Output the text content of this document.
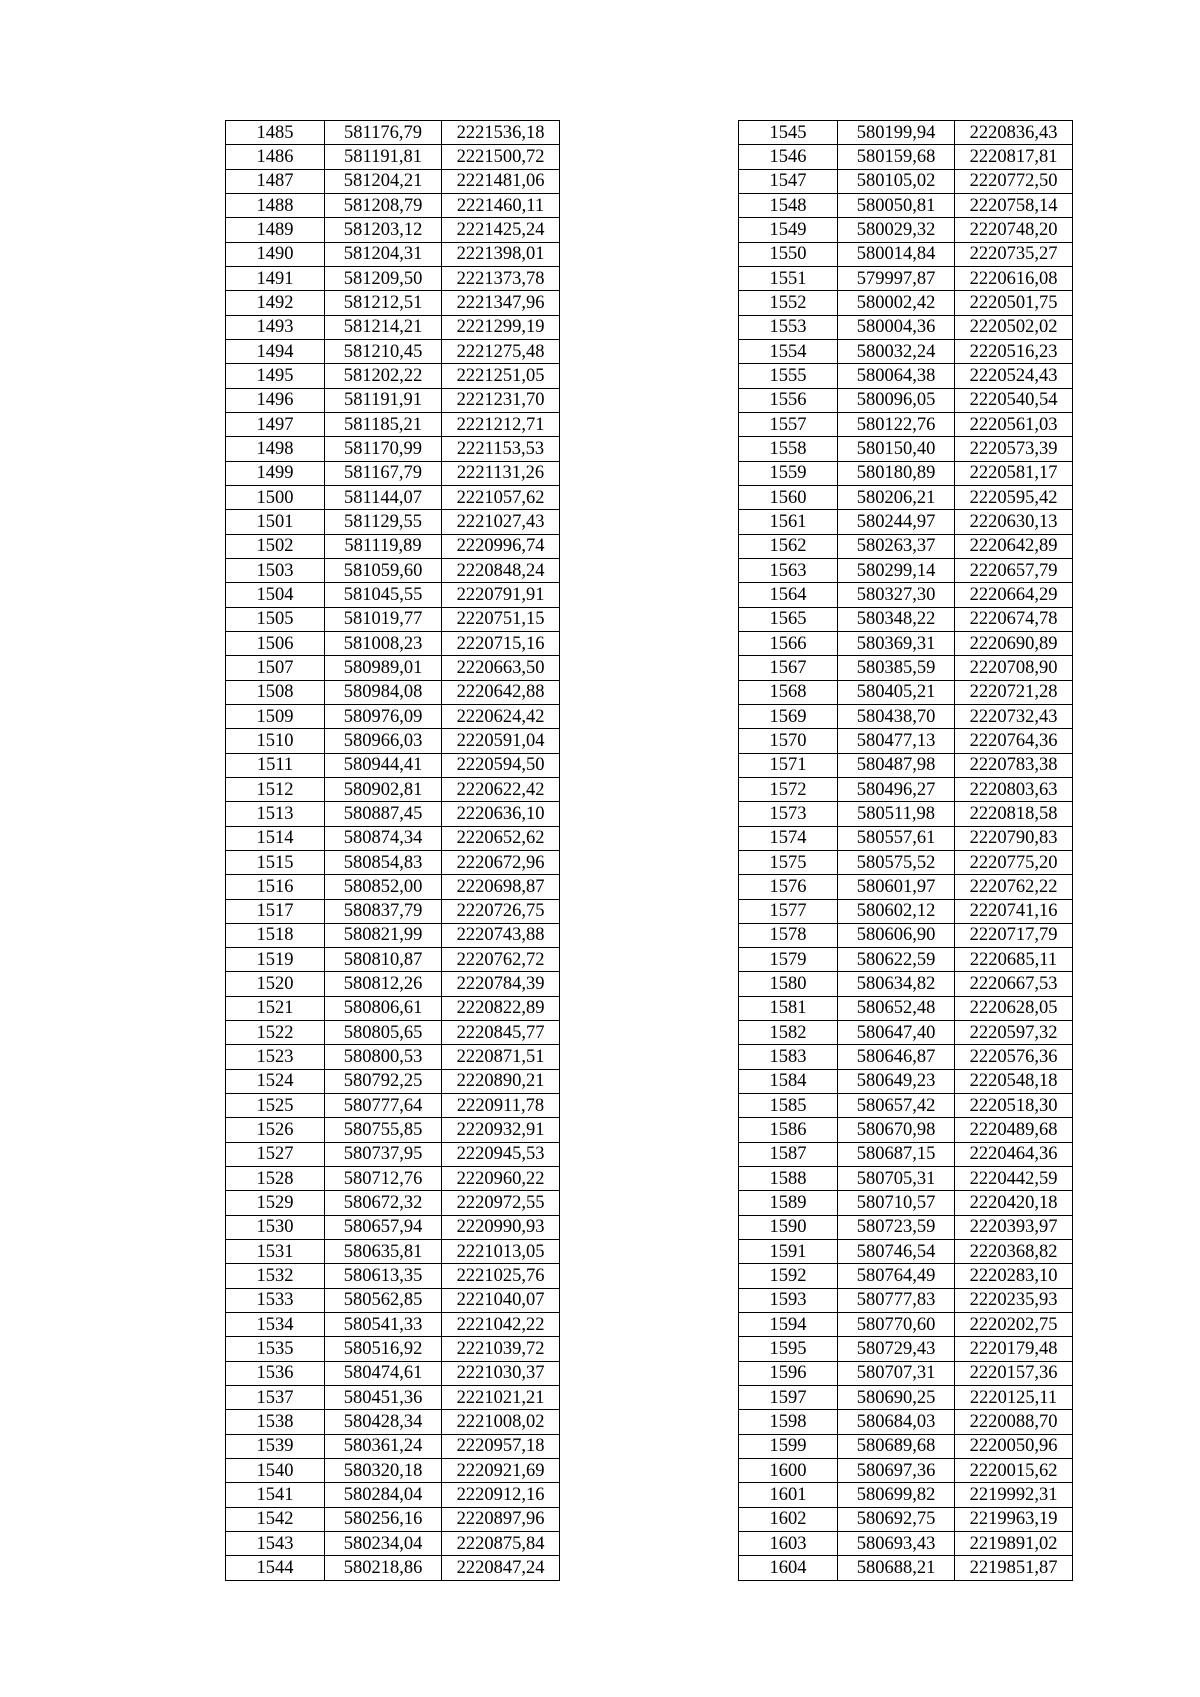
1485	581176,79	2221536,18
1486	581191,81	2221500,72
1487	581204,21	2221481,06
1488	581208,79	2221460,11
1489	581203,12	2221425,24
1490	581204,31	2221398,01
1491	581209,50	2221373,78
1492	581212,51	2221347,96
1493	581214,21	2221299,19
1494	581210,45	2221275,48
1495	581202,22	2221251,05
1496	581191,91	2221231,70
1497	581185,21	2221212,71
1498	581170,99	2221153,53
1499	581167,79	2221131,26
1500	581144,07	2221057,62
1501	581129,55	2221027,43
1502	581119,89	2220996,74
1503	581059,60	2220848,24
1504	581045,55	2220791,91
1505	581019,77	2220751,15
1506	581008,23	2220715,16
1507	580989,01	2220663,50
1508	580984,08	2220642,88
1509	580976,09	2220624,42
1510	580966,03	2220591,04
1511	580944,41	2220594,50
1512	580902,81	2220622,42
1513	580887,45	2220636,10
1514	580874,34	2220652,62
1515	580854,83	2220672,96
1516	580852,00	2220698,87
1517	580837,79	2220726,75
1518	580821,99	2220743,88
1519	580810,87	2220762,72
1520	580812,26	2220784,39
1521	580806,61	2220822,89
1522	580805,65	2220845,77
1523	580800,53	2220871,51
1524	580792,25	2220890,21
1525	580777,64	2220911,78
1526	580755,85	2220932,91
1527	580737,95	2220945,53
1528	580712,76	2220960,22
1529	580672,32	2220972,55
1530	580657,94	2220990,93
1531	580635,81	2221013,05
1532	580613,35	2221025,76
1533	580562,85	2221040,07
1534	580541,33	2221042,22
1535	580516,92	2221039,72
1536	580474,61	2221030,37
1537	580451,36	2221021,21
1538	580428,34	2221008,02
1539	580361,24	2220957,18
1540	580320,18	2220921,69
1541	580284,04	2220912,16
1542	580256,16	2220897,96
1543	580234,04	2220875,84
1544	580218,86	2220847,24
1545	580199,94	2220836,43
1546	580159,68	2220817,81
1547	580105,02	2220772,50
1548	580050,81	2220758,14
1549	580029,32	2220748,20
1550	580014,84	2220735,27
1551	579997,87	2220616,08
1552	580002,42	2220501,75
1553	580004,36	2220502,02
1554	580032,24	2220516,23
1555	580064,38	2220524,43
1556	580096,05	2220540,54
1557	580122,76	2220561,03
1558	580150,40	2220573,39
1559	580180,89	2220581,17
1560	580206,21	2220595,42
1561	580244,97	2220630,13
1562	580263,37	2220642,89
1563	580299,14	2220657,79
1564	580327,30	2220664,29
1565	580348,22	2220674,78
1566	580369,31	2220690,89
1567	580385,59	2220708,90
1568	580405,21	2220721,28
1569	580438,70	2220732,43
1570	580477,13	2220764,36
1571	580487,98	2220783,38
1572	580496,27	2220803,63
1573	580511,98	2220818,58
1574	580557,61	2220790,83
1575	580575,52	2220775,20
1576	580601,97	2220762,22
1577	580602,12	2220741,16
1578	580606,90	2220717,79
1579	580622,59	2220685,11
1580	580634,82	2220667,53
1581	580652,48	2220628,05
1582	580647,40	2220597,32
1583	580646,87	2220576,36
1584	580649,23	2220548,18
1585	580657,42	2220518,30
1586	580670,98	2220489,68
1587	580687,15	2220464,36
1588	580705,31	2220442,59
1589	580710,57	2220420,18
1590	580723,59	2220393,97
1591	580746,54	2220368,82
1592	580764,49	2220283,10
1593	580777,83	2220235,93
1594	580770,60	2220202,75
1595	580729,43	2220179,48
1596	580707,31	2220157,36
1597	580690,25	2220125,11
1598	580684,03	2220088,70
1599	580689,68	2220050,96
1600	580697,36	2220015,62
1601	580699,82	2219992,31
1602	580692,75	2219963,19
1603	580693,43	2219891,02
1604	580688,21	2219851,87
